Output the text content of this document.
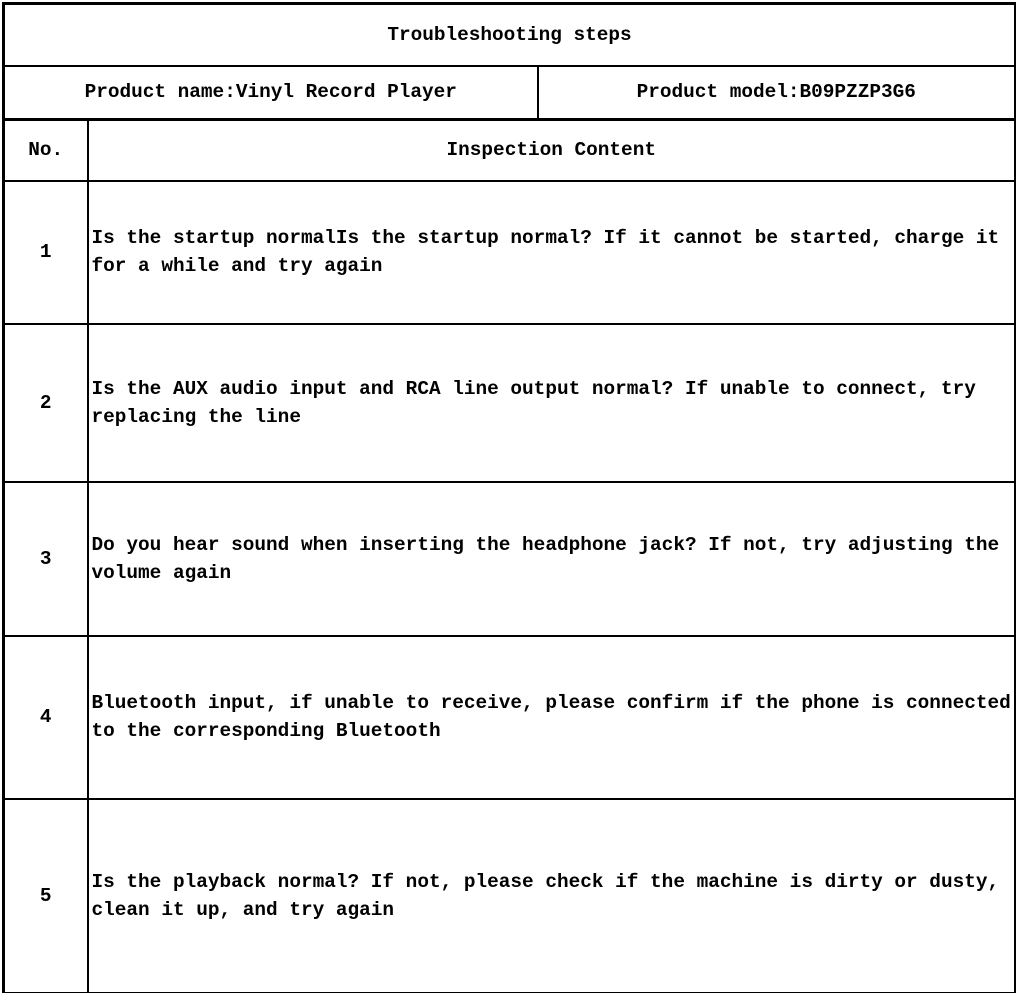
Troubleshooting steps		
Product name:Vinyl Record Player		Product model:B09PZZP3G6
No.	Inspection Content	
1	Is the startup normalIs the startup normal? If it cannot be started, charge it for a while and try again	
2	Is the AUX audio input and RCA line output normal? If unable to connect, try replacing the line	
3	Do you hear sound when inserting the headphone jack? If not, try adjusting the volume again	
4	Bluetooth input, if unable to receive, please confirm if the phone is connected to the corresponding Bluetooth	
5	Is the playback normal? If not, please check if the machine is dirty or dusty, clean it up, and try again	
